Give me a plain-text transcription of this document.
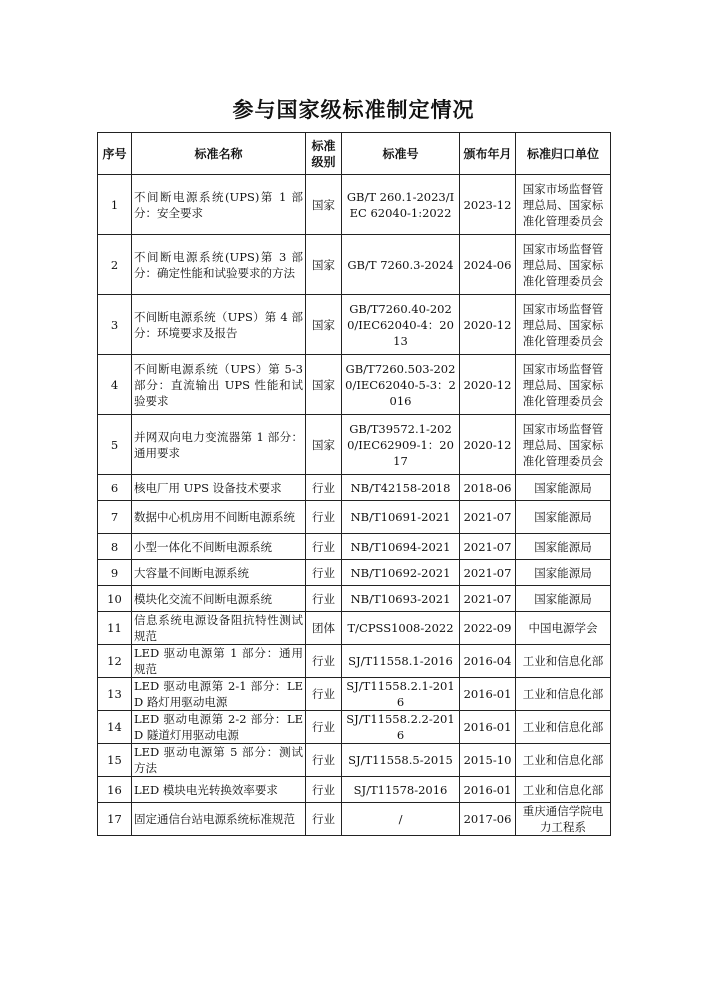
参与国家级标准制定情况
序号	标准名称	标准级别	标准号	颁布年月	标准归口单位
1	不间断电源系统(UPS)第 1 部分：安全要求	国家	GB/T 260.1-2023/IEC 62040-1:2022	2023-12	国家市场监督管理总局、国家标准化管理委员会
2	不间断电源系统(UPS)第 3 部分：确定性能和试验要求的方法	国家	GB/T 7260.3-2024	2024-06	国家市场监督管理总局、国家标准化管理委员会
3	不间断电源系统（UPS）第 4 部分：环境要求及报告	国家	GB/T7260.40-2020/IEC62040-4：2013	2020-12	国家市场监督管理总局、国家标准化管理委员会
4	不间断电源系统（UPS）第 5-3 部分：直流输出 UPS 性能和试验要求	国家	GB/T7260.503-2020/IEC62040-5-3：2016	2020-12	国家市场监督管理总局、国家标准化管理委员会
5	并网双向电力变流器第 1 部分：通用要求	国家	GB/T39572.1-2020/IEC62909-1：2017	2020-12	国家市场监督管理总局、国家标准化管理委员会
6	核电厂用 UPS 设备技术要求	行业	NB/T42158-2018	2018-06	国家能源局
7	数据中心机房用不间断电源系统	行业	NB/T10691-2021	2021-07	国家能源局
8	小型一体化不间断电源系统	行业	NB/T10694-2021	2021-07	国家能源局
9	大容量不间断电源系统	行业	NB/T10692-2021	2021-07	国家能源局
10	模块化交流不间断电源系统	行业	NB/T10693-2021	2021-07	国家能源局
11	信息系统电源设备阻抗特性测试规范	团体	T/CPSS1008-2022	2022-09	中国电源学会
12	LED 驱动电源第 1 部分：通用规范	行业	SJ/T11558.1-2016	2016-04	工业和信息化部
13	LED 驱动电源第 2-1 部分：LED 路灯用驱动电源	行业	SJ/T11558.2.1-2016	2016-01	工业和信息化部
14	LED 驱动电源第 2-2 部分：LED 隧道灯用驱动电源	行业	SJ/T11558.2.2-2016	2016-01	工业和信息化部
15	LED 驱动电源第 5 部分：测试方法	行业	SJ/T11558.5-2015	2015-10	工业和信息化部
16	LED 模块电光转换效率要求	行业	SJ/T11578-2016	2016-01	工业和信息化部
17	固定通信台站电源系统标准规范	行业	/	2017-06	重庆通信学院电力工程系
